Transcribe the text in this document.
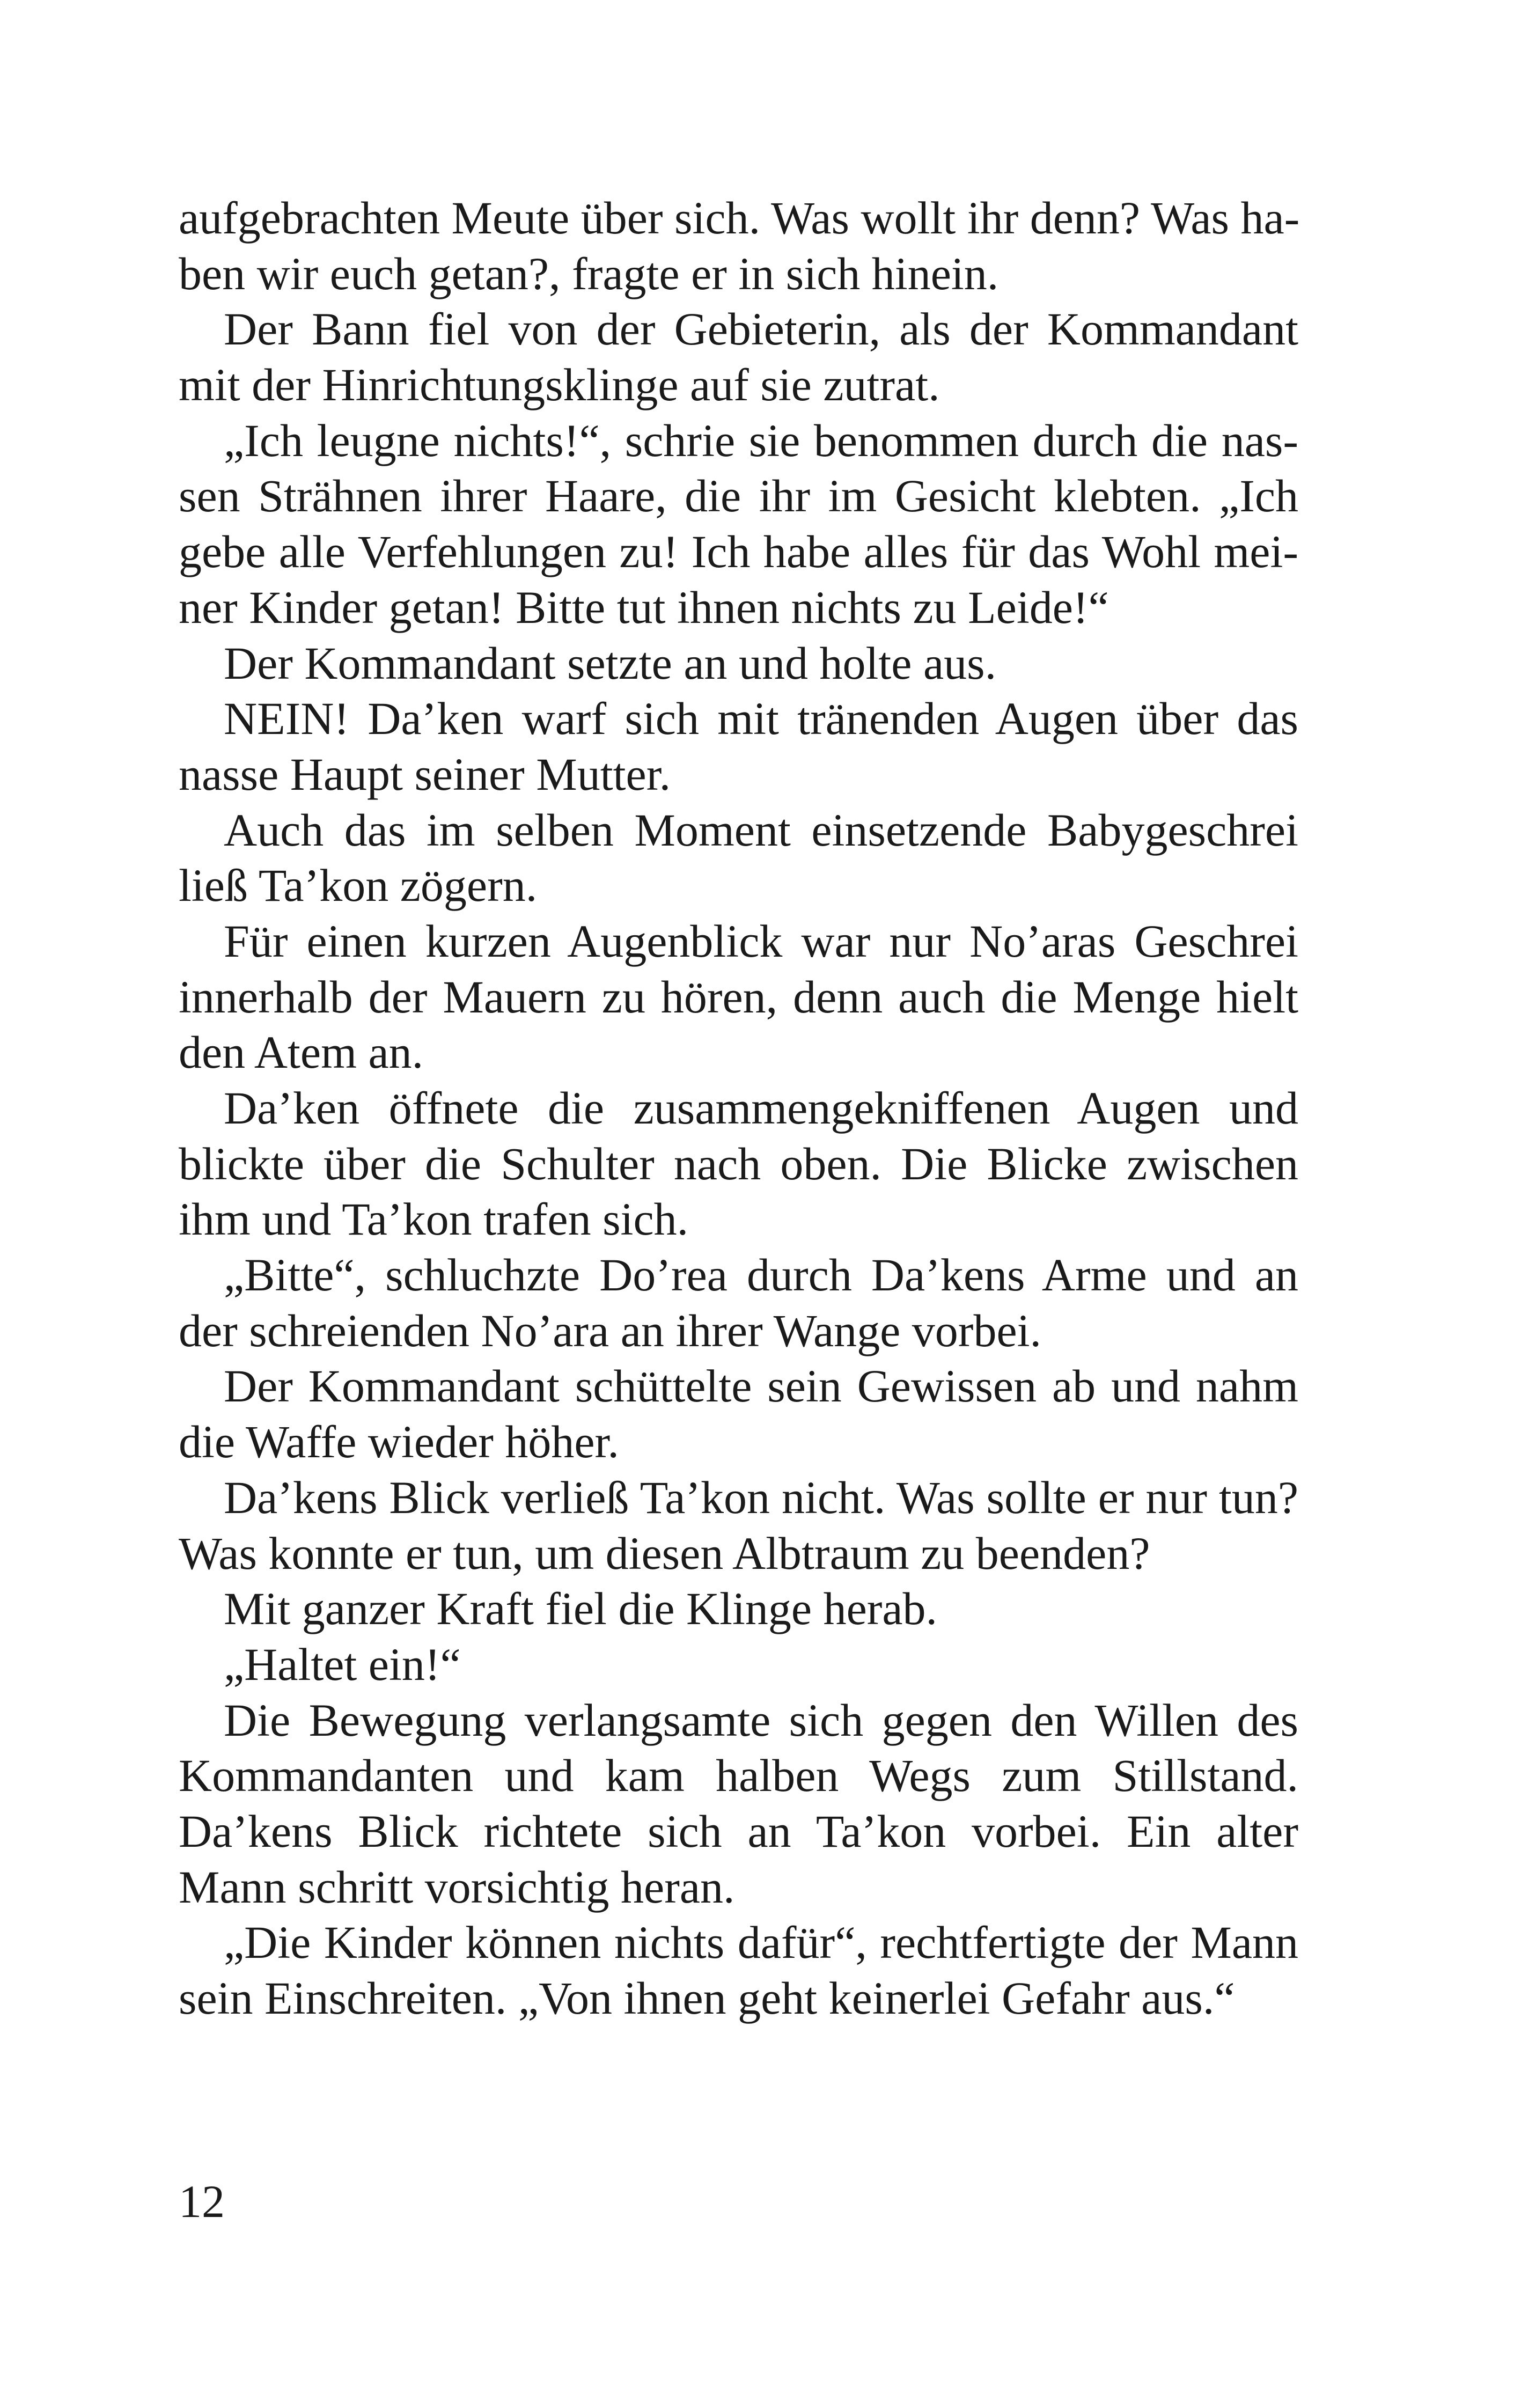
aufgebrachten Meute über sich. Was wollt ihr denn? Was ha-
ben wir euch getan?, fragte er in sich hinein.
Der Bann fiel von der Gebieterin, als der Kommandant
mit der Hinrichtungsklinge auf sie zutrat.
„Ich leugne nichts!“, schrie sie benommen durch die nas-
sen Strähnen ihrer Haare, die ihr im Gesicht klebten. „Ich
gebe alle Verfehlungen zu! Ich habe alles für das Wohl mei-
ner Kinder getan! Bitte tut ihnen nichts zu Leide!“
Der Kommandant setzte an und holte aus.
NEIN! Da’ken warf sich mit tränenden Augen über das
nasse Haupt seiner Mutter.
Auch das im selben Moment einsetzende Babygeschrei
ließ Ta’kon zögern.
Für einen kurzen Augenblick war nur No’aras Geschrei
innerhalb der Mauern zu hören, denn auch die Menge hielt
den Atem an.
Da’ken öffnete die zusammengekniffenen Augen und
blickte über die Schulter nach oben. Die Blicke zwischen
ihm und Ta’kon trafen sich.
„Bitte“, schluchzte Do’rea durch Da’kens Arme und an
der schreienden No’ara an ihrer Wange vorbei.
Der Kommandant schüttelte sein Gewissen ab und nahm
die Waffe wieder höher.
Da’kens Blick verließ Ta’kon nicht. Was sollte er nur tun?
Was konnte er tun, um diesen Albtraum zu beenden?
Mit ganzer Kraft fiel die Klinge herab.
„Haltet ein!“
Die Bewegung verlangsamte sich gegen den Willen des
Kommandanten und kam halben Wegs zum Stillstand.
Da’kens Blick richtete sich an Ta’kon vorbei. Ein alter
Mann schritt vorsichtig heran.
„Die Kinder können nichts dafür“, rechtfertigte der Mann
sein Einschreiten. „Von ihnen geht keinerlei Gefahr aus.“
12
